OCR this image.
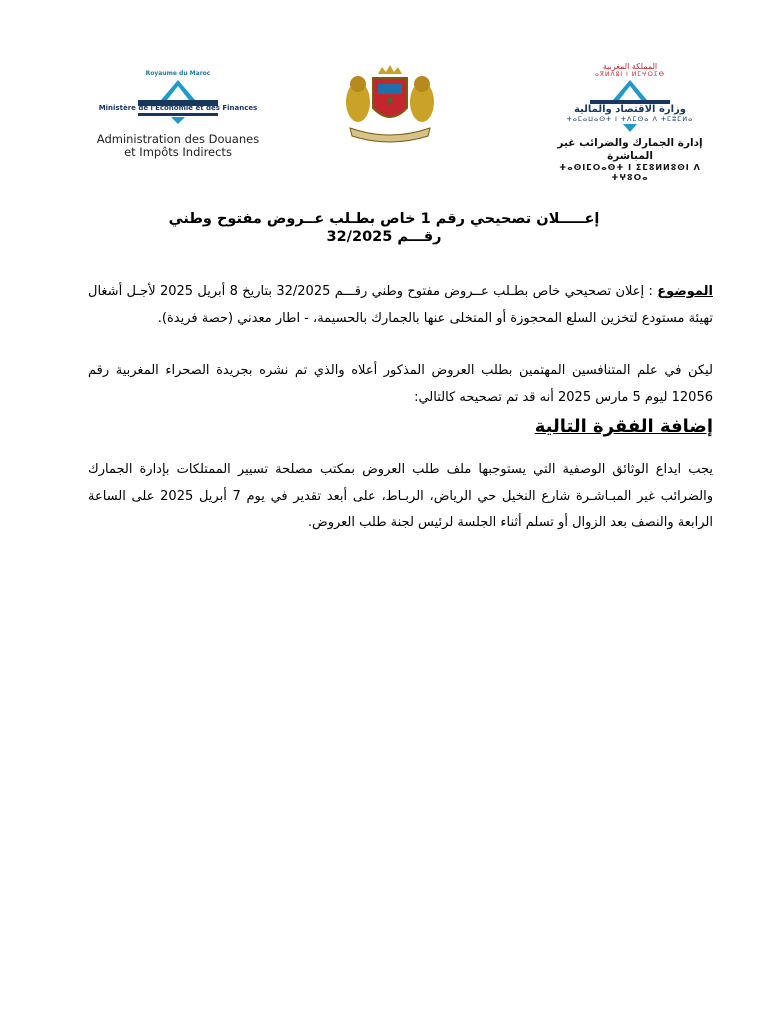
Royaume du Maroc
Ministère de l'Economie et des Finances
Administration des Douanes
et Impôts Indirects
المملكة المغربية
ⴰⴳⵍⴷⵓⵏ ⵏ ⵍⵎⵖⵔⵉⴱ
وزارة الاقتصاد والمالية
ⵜⴰⵎⴰⵡⴰⵙⵜ ⵏ ⵜⴷⵎⵙⴰ ⴷ ⵜⵎⵓⵎⵍⴰ
إدارة الجمارك والضرائب غير المباشرة
ⵜⴰⵙⵏⵎⵔⴰⵙⵜ ⵏ ⵉⵎⵓⵍⵍⵓⵙⵏ ⴷ ⵜⵖⵓⵔⴰ
إعـــــلان تصحيحي رقم 1 خاص بطـلب عــروض مفتوح وطني
رقـــم 32/2025
الموضوع : إعلان تصحيحي خاص بطـلب عــروض مفتوح وطني رقـــم 32/2025 بتاريخ 8 أبريل 2025 لأجـل أشغال تهيئة مستودع لتخزين السلع المحجوزة أو المتخلى عنها بالجمارك بالحسيمة، - اطار معدني (حصة فريدة).
ليكن في علم المتنافسين المهتمين بطلب العروض المذكور أعلاه والذي تم نشره بجريدة الصحراء المغربية رقم 12056 ليوم 5 مارس 2025 أنه قد تم تصحيحه كالتالي:
إضافة الفقرة التالية
يجب ايداع الوثائق الوصفية التي يستوجبها ملف طلب العروض بمكتب مصلحة تسيير الممتلكات بإدارة الجمارك والضرائب غير المبـاشـرة شارع النخيل حي الرياض، الربـاط، على أبعد تقدير في يوم 7 أبريل 2025 على الساعة الرابعة والنصف بعد الزوال أو تسلم أثناء الجلسة لرئيس لجنة طلب العروض.
